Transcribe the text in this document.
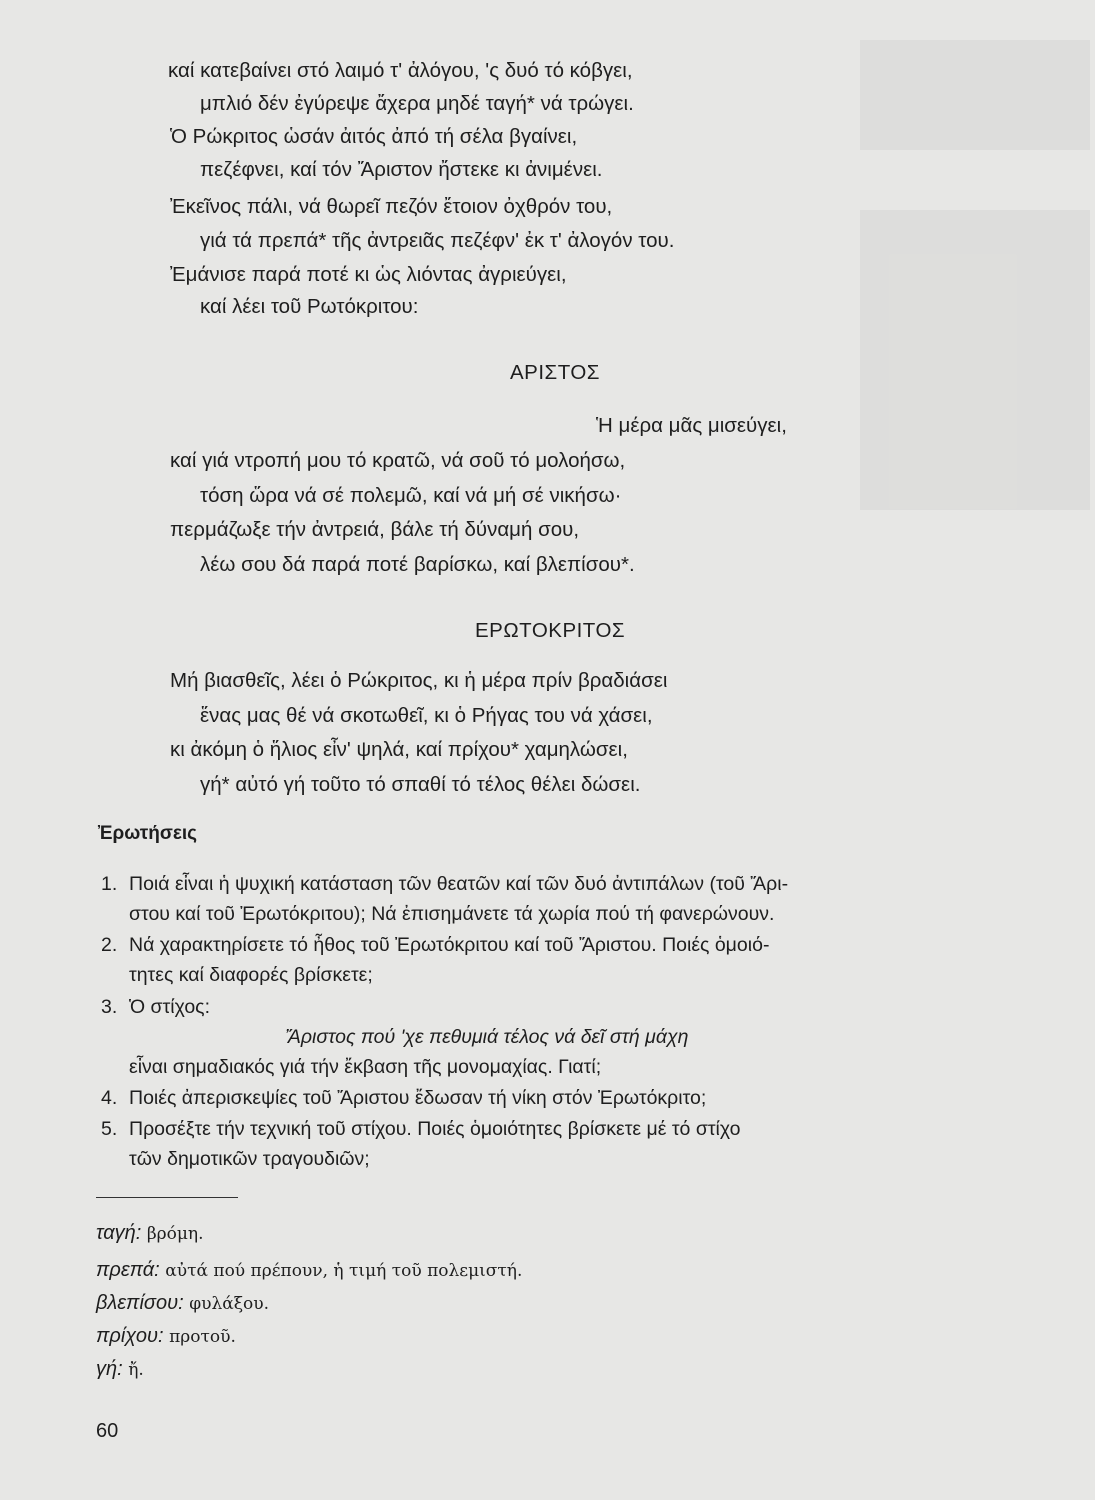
καί κατεβαίνει στό λαιμό τ' ἀλόγου, 'ς δυό τό κόβγει,
μπλιό δέν ἐγύρεψε ἄχερα μηδέ ταγή* νά τρώγει.
Ὁ Ρώκριτος ὡσάν ἀιτός ἀπό τή σέλα βγαίνει,
πεζέφνει, καί τόν Ἄριστον ἤστεκε κι ἀνιμένει.
Ἐκεῖνος πάλι, νά θωρεῖ πεζόν ἔτοιον ὀχθρόν του,
γιά τά πρεπά* τῆς ἀντρειᾶς πεζέφν' ἐκ τ' ἀλογόν του.
Ἐμάνισε παρά ποτέ κι ὡς λιόντας ἀγριεύγει,
καί λέει τοῦ Ρωτόκριτου:
ΑΡΙΣΤΟΣ
Ἡ μέρα μᾶς μισεύγει,
καί γιά ντροπή μου τό κρατῶ, νά σοῦ τό μολοήσω,
τόση ὥρα νά σέ πολεμῶ, καί νά μή σέ νικήσω·
περμάζωξε τήν ἀντρειά, βάλε τή δύναμή σου,
λέω σου δά παρά ποτέ βαρίσκω, καί βλεπίσου*.
ΕΡΩΤΟΚΡΙΤΟΣ
Μή βιασθεῖς, λέει ὁ Ρώκριτος, κι ἡ μέρα πρίν βραδιάσει
ἕνας μας θέ νά σκοτωθεῖ, κι ὁ Ρήγας του νά χάσει,
κι ἀκόμη ὁ ἥλιος εἶν' ψηλά, καί πρίχου* χαμηλώσει,
γή* αὐτό γή τοῦτο τό σπαθί τό τέλος θέλει δώσει.
Ἐρωτήσεις
1. Ποιά εἶναι ἡ ψυχική κατάσταση τῶν θεατῶν καί τῶν δυό ἀντιπάλων (τοῦ Ἄρι-
στου καί τοῦ Ἐρωτόκριτου); Νά ἐπισημάνετε τά χωρία πού τή φανερώνουν.
2. Νά χαρακτηρίσετε τό ἦθος τοῦ Ἐρωτόκριτου καί τοῦ Ἄριστου. Ποιές ὁμοιό-
τητες καί διαφορές βρίσκετε;
3. Ὁ στίχος:
Ἄριστος πού 'χε πεθυμιά τέλος νά δεῖ στή μάχη
εἶναι σημαδιακός γιά τήν ἔκβαση τῆς μονομαχίας. Γιατί;
4. Ποιές ἀπερισκεψίες τοῦ Ἄριστου ἔδωσαν τή νίκη στόν Ἐρωτόκριτο;
5. Προσέξτε τήν τεχνική τοῦ στίχου. Ποιές ὁμοιότητες βρίσκετε μέ τό στίχο
τῶν δημοτικῶν τραγουδιῶν;
ταγή: βρόμη.
πρεπά: αὐτά πού πρέπουν, ἡ τιμή τοῦ πολεμιστή.
βλεπίσου: φυλάξου.
πρίχου: προτοῦ.
γή: ἤ.
60
